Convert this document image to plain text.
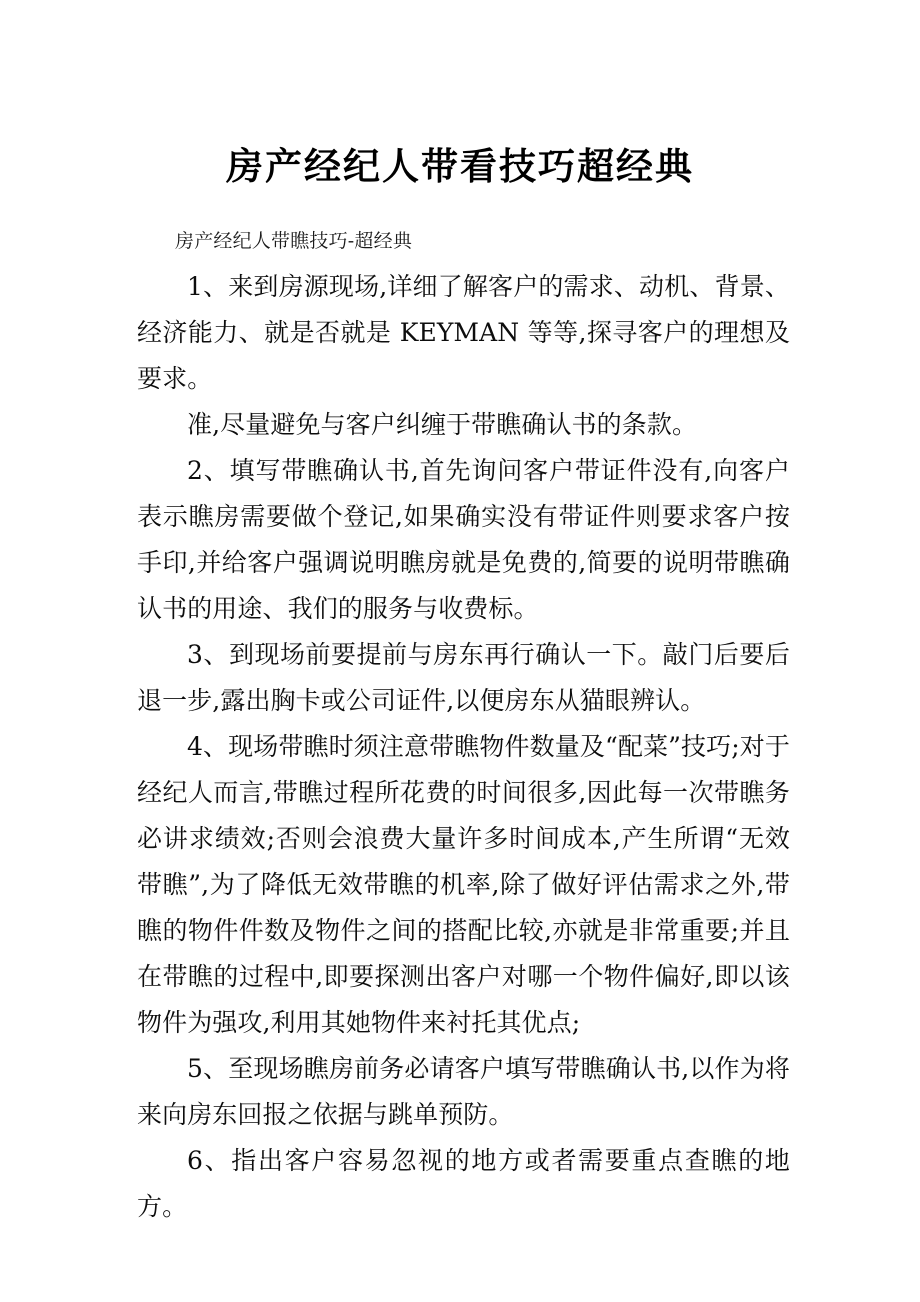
房产经纪人带看技巧超经典

房产经纪人带瞧技巧-超经典

1、来到房源现场,详细了解客户的需求、动机、背景、经济能力、就是否就是 KEYMAN 等等,探寻客户的理想及要求。

准,尽量避免与客户纠缠于带瞧确认书的条款。

2、填写带瞧确认书,首先询问客户带证件没有,向客户表示瞧房需要做个登记,如果确实没有带证件则要求客户按手印,并给客户强调说明瞧房就是免费的,简要的说明带瞧确认书的用途、我们的服务与收费标。

3、到现场前要提前与房东再行确认一下。敲门后要后退一步,露出胸卡或公司证件,以便房东从猫眼辨认。

4、现场带瞧时须注意带瞧物件数量及“配菜”技巧;对于经纪人而言,带瞧过程所花费的时间很多,因此每一次带瞧务必讲求绩效;否则会浪费大量许多时间成本,产生所谓“无效带瞧”,为了降低无效带瞧的机率,除了做好评估需求之外,带瞧的物件件数及物件之间的搭配比较,亦就是非常重要;并且在带瞧的过程中,即要探测出客户对哪一个物件偏好,即以该物件为强攻,利用其她物件来衬托其优点;

5、至现场瞧房前务必请客户填写带瞧确认书,以作为将来向房东回报之依据与跳单预防。

6、指出客户容易忽视的地方或者需要重点查瞧的地方。
